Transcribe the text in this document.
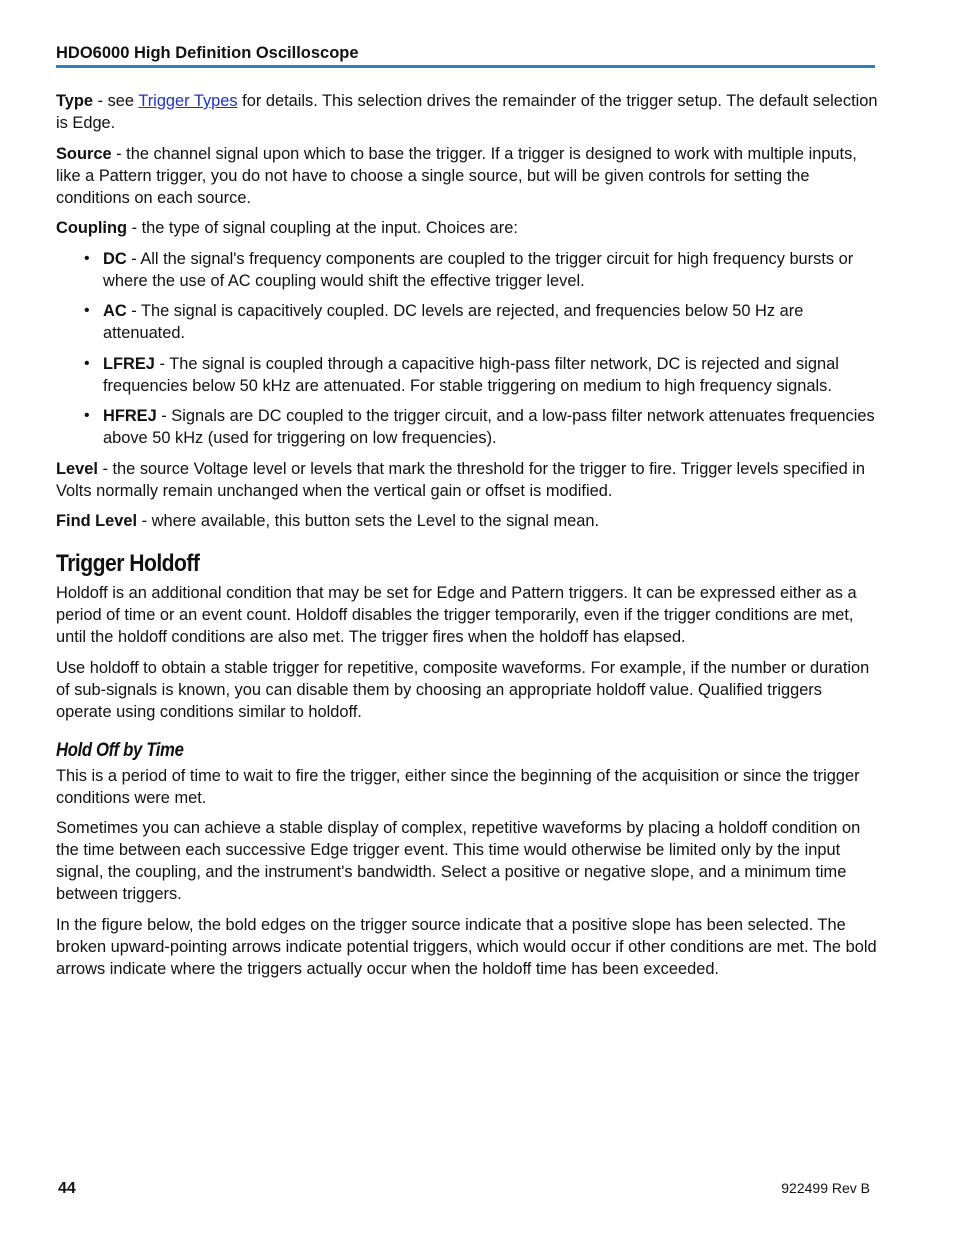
HDO6000 High Definition Oscilloscope

Type - see Trigger Types for details. This selection drives the remainder of the trigger setup. The default selection is Edge.

Source - the channel signal upon which to base the trigger. If a trigger is designed to work with multiple inputs, like a Pattern trigger, you do not have to choose a single source, but will be given controls for setting the conditions on each source.

Coupling - the type of signal coupling at the input. Choices are:

• DC - All the signal's frequency components are coupled to the trigger circuit for high frequency bursts or where the use of AC coupling would shift the effective trigger level.
• AC - The signal is capacitively coupled. DC levels are rejected, and frequencies below 50 Hz are attenuated.
• LFREJ - The signal is coupled through a capacitive high-pass filter network, DC is rejected and signal frequencies below 50 kHz are attenuated. For stable triggering on medium to high frequency signals.
• HFREJ - Signals are DC coupled to the trigger circuit, and a low-pass filter network attenuates frequencies above 50 kHz (used for triggering on low frequencies).

Level - the source Voltage level or levels that mark the threshold for the trigger to fire. Trigger levels specified in Volts normally remain unchanged when the vertical gain or offset is modified.

Find Level - where available, this button sets the Level to the signal mean.

Trigger Holdoff

Holdoff is an additional condition that may be set for Edge and Pattern triggers. It can be expressed either as a period of time or an event count. Holdoff disables the trigger temporarily, even if the trigger conditions are met, until the holdoff conditions are also met. The trigger fires when the holdoff has elapsed.

Use holdoff to obtain a stable trigger for repetitive, composite waveforms. For example, if the number or duration of sub-signals is known, you can disable them by choosing an appropriate holdoff value. Qualified triggers operate using conditions similar to holdoff.

Hold Off by Time

This is a period of time to wait to fire the trigger, either since the beginning of the acquisition or since the trigger conditions were met.

Sometimes you can achieve a stable display of complex, repetitive waveforms by placing a holdoff condition on the time between each successive Edge trigger event. This time would otherwise be limited only by the input signal, the coupling, and the instrument's bandwidth. Select a positive or negative slope, and a minimum time between triggers.

In the figure below, the bold edges on the trigger source indicate that a positive slope has been selected. The broken upward-pointing arrows indicate potential triggers, which would occur if other conditions are met. The bold arrows indicate where the triggers actually occur when the holdoff time has been exceeded.

44	922499 Rev B
